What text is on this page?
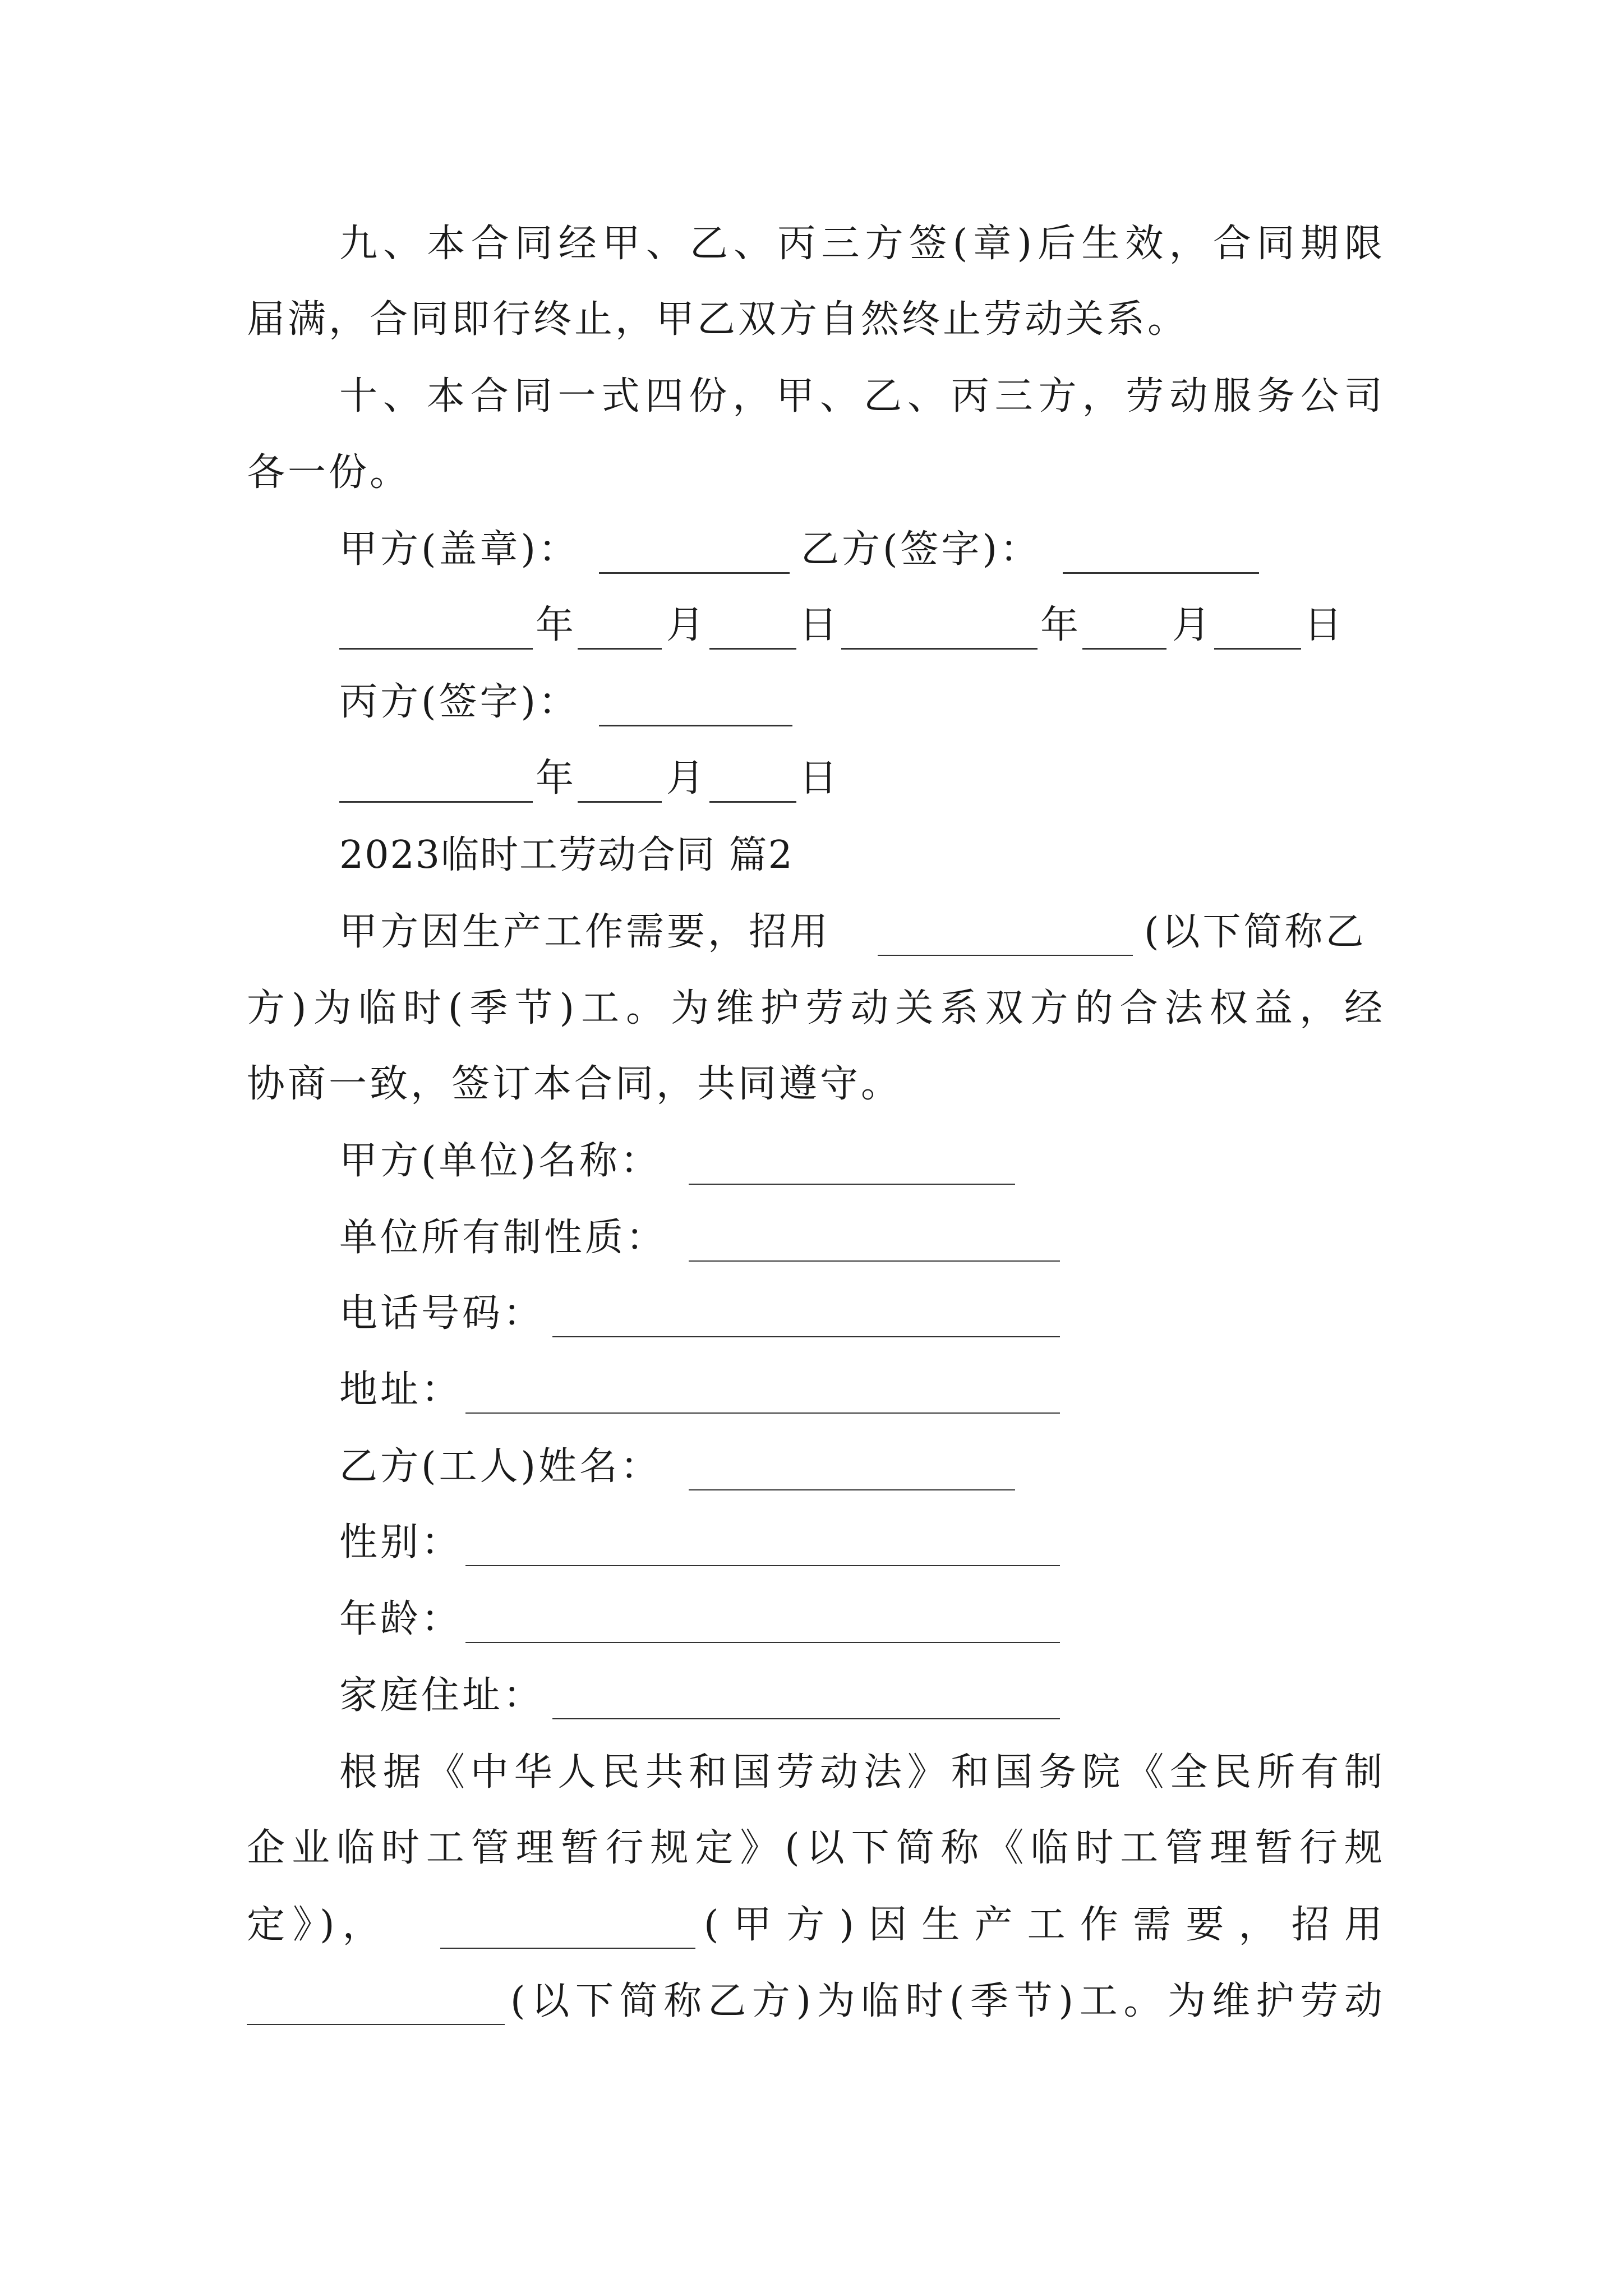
九、本合同经甲、乙、丙三方签(章)后生效，合同期限
届满，合同即行终止，甲乙双方自然终止劳动关系。
十、本合同一式四份，甲、乙、丙三方，劳动服务公司
各一份。
甲方(盖章)：	乙方(签字)：
年 月 日	年 月 日
丙方(签字)：
年 月 日
2023临时工劳动合同 篇2
甲方因生产工作需要，招用	(以下简称乙
方)为临时(季节)工。为维护劳动关系双方的合法权益，经
协商一致，签订本合同，共同遵守。
甲方(单位)名称：
单位所有制性质：
电话号码：
地址：
乙方(工人)姓名：
性别：
年龄：
家庭住址：
根据《中华人民共和国劳动法》和国务院《全民所有制
企业临时工管理暂行规定》(以下简称《临时工管理暂行规
定》)，	(甲方)因生产工作需要，招用
(以下简称乙方)为临时(季节)工。为维护劳动
